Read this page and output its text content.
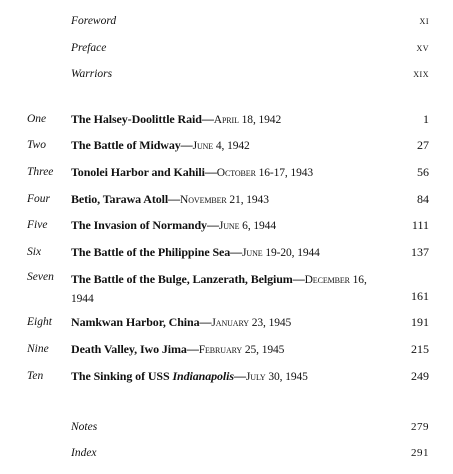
Foreword	xi
Preface	xv
Warriors	xix
One The Halsey-Doolittle Raid—April 18, 1942	1
Two The Battle of Midway—June 4, 1942	27
Three Tonolei Harbor and Kahili—October 16-17, 1943	56
Four Betio, Tarawa Atoll—November 21, 1943	84
Five The Invasion of Normandy—June 6, 1944	111
Six The Battle of the Philippine Sea—June 19-20, 1944	137
Seven The Battle of the Bulge, Lanzerath, Belgium—December 16, 1944	161
Eight Namkwan Harbor, China—January 23, 1945	191
Nine Death Valley, Iwo Jima—February 25, 1945	215
Ten The Sinking of USS Indianapolis—July 30, 1945	249
Notes	279
Index	291
